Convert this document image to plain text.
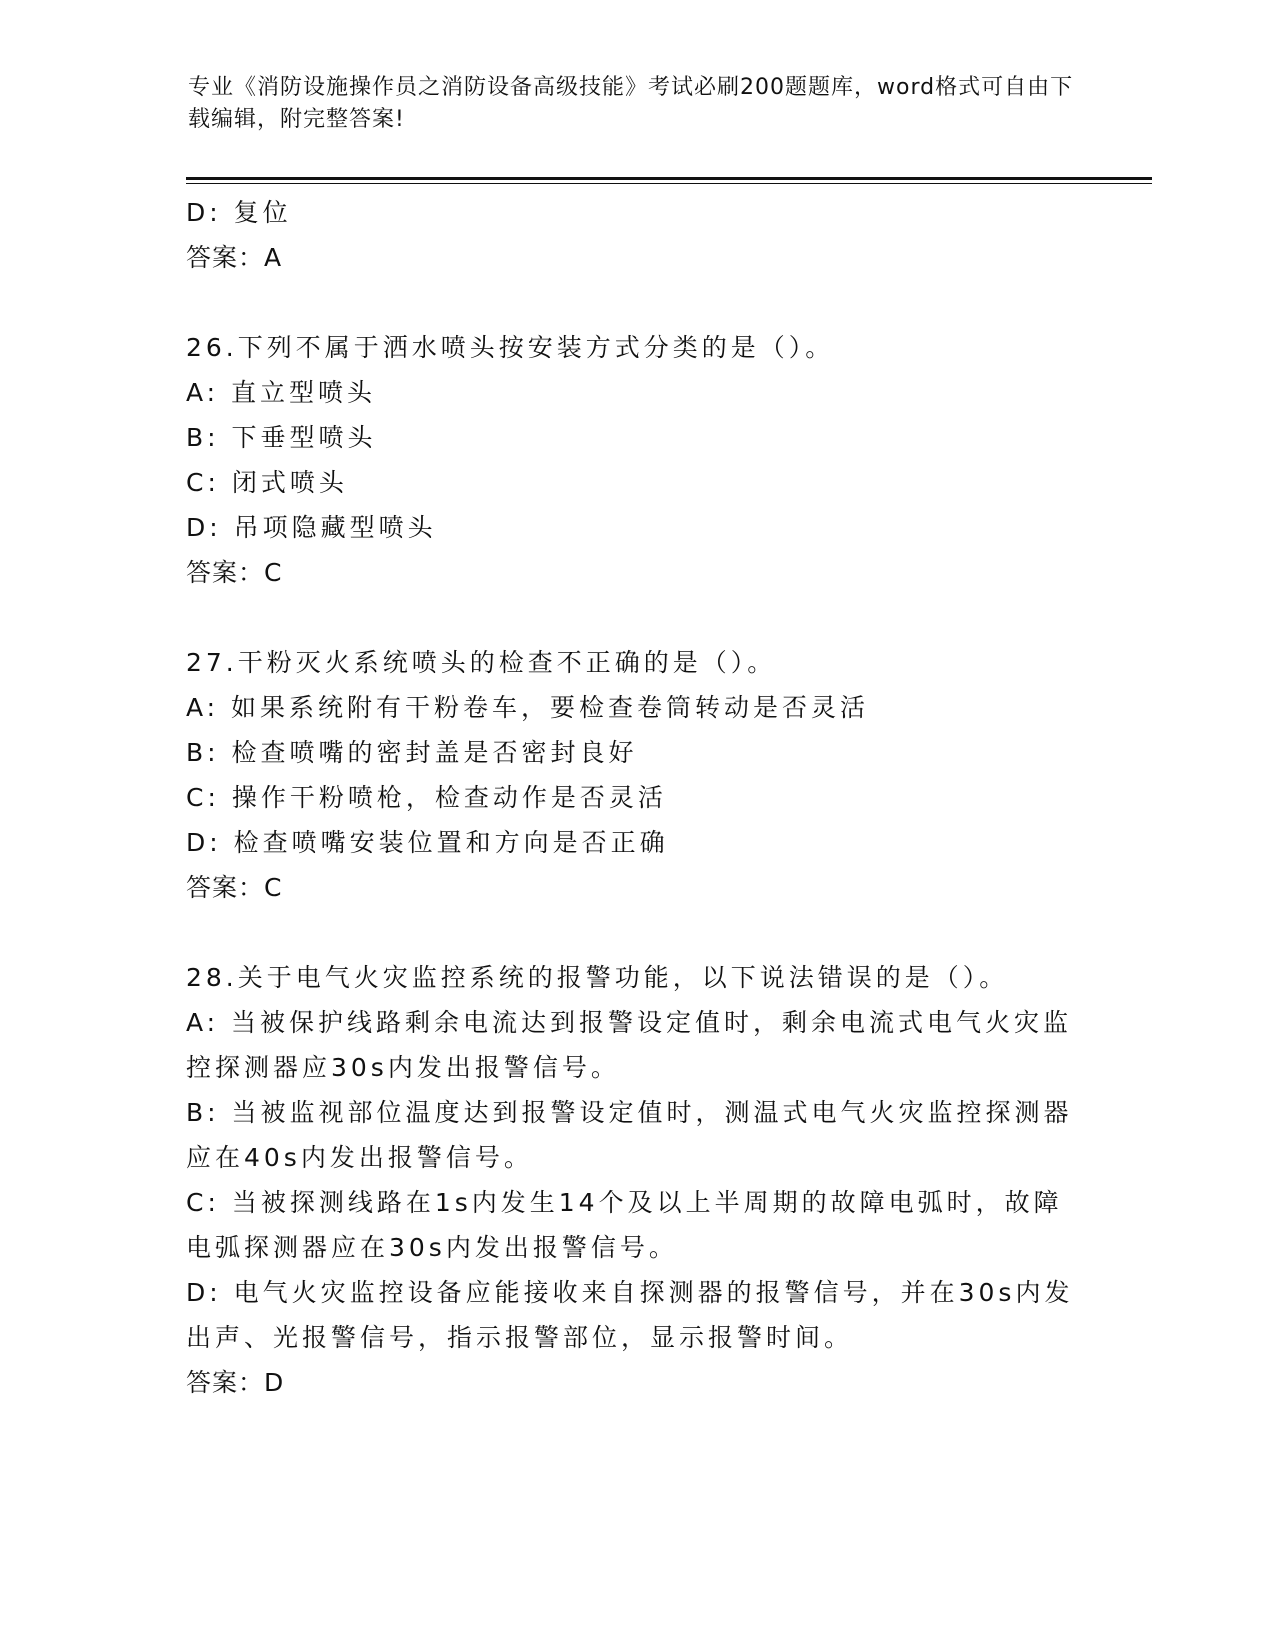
专业《消防设施操作员之消防设备高级技能》考试必刷200题题库，word格式可自由下载编辑，附完整答案!
D: 复位
答案：A
26.下列不属于洒水喷头按安装方式分类的是（）。
A: 直立型喷头
B: 下垂型喷头
C: 闭式喷头
D: 吊项隐藏型喷头
答案：C
27.干粉灭火系统喷头的检查不正确的是（）。
A: 如果系统附有干粉卷车，要检查卷筒转动是否灵活
B: 检查喷嘴的密封盖是否密封良好
C: 操作干粉喷枪，检查动作是否灵活
D: 检查喷嘴安装位置和方向是否正确
答案：C
28.关于电气火灾监控系统的报警功能，以下说法错误的是（）。
A: 当被保护线路剩余电流达到报警设定值时，剩余电流式电气火灾监控探测器应30s内发出报警信号。
B: 当被监视部位温度达到报警设定值时，测温式电气火灾监控探测器应在40s内发出报警信号。
C: 当被探测线路在1s内发生14个及以上半周期的故障电弧时，故障电弧探测器应在30s内发出报警信号。
D: 电气火灾监控设备应能接收来自探测器的报警信号，并在30s内发出声、光报警信号，指示报警部位，显示报警时间。
答案：D
